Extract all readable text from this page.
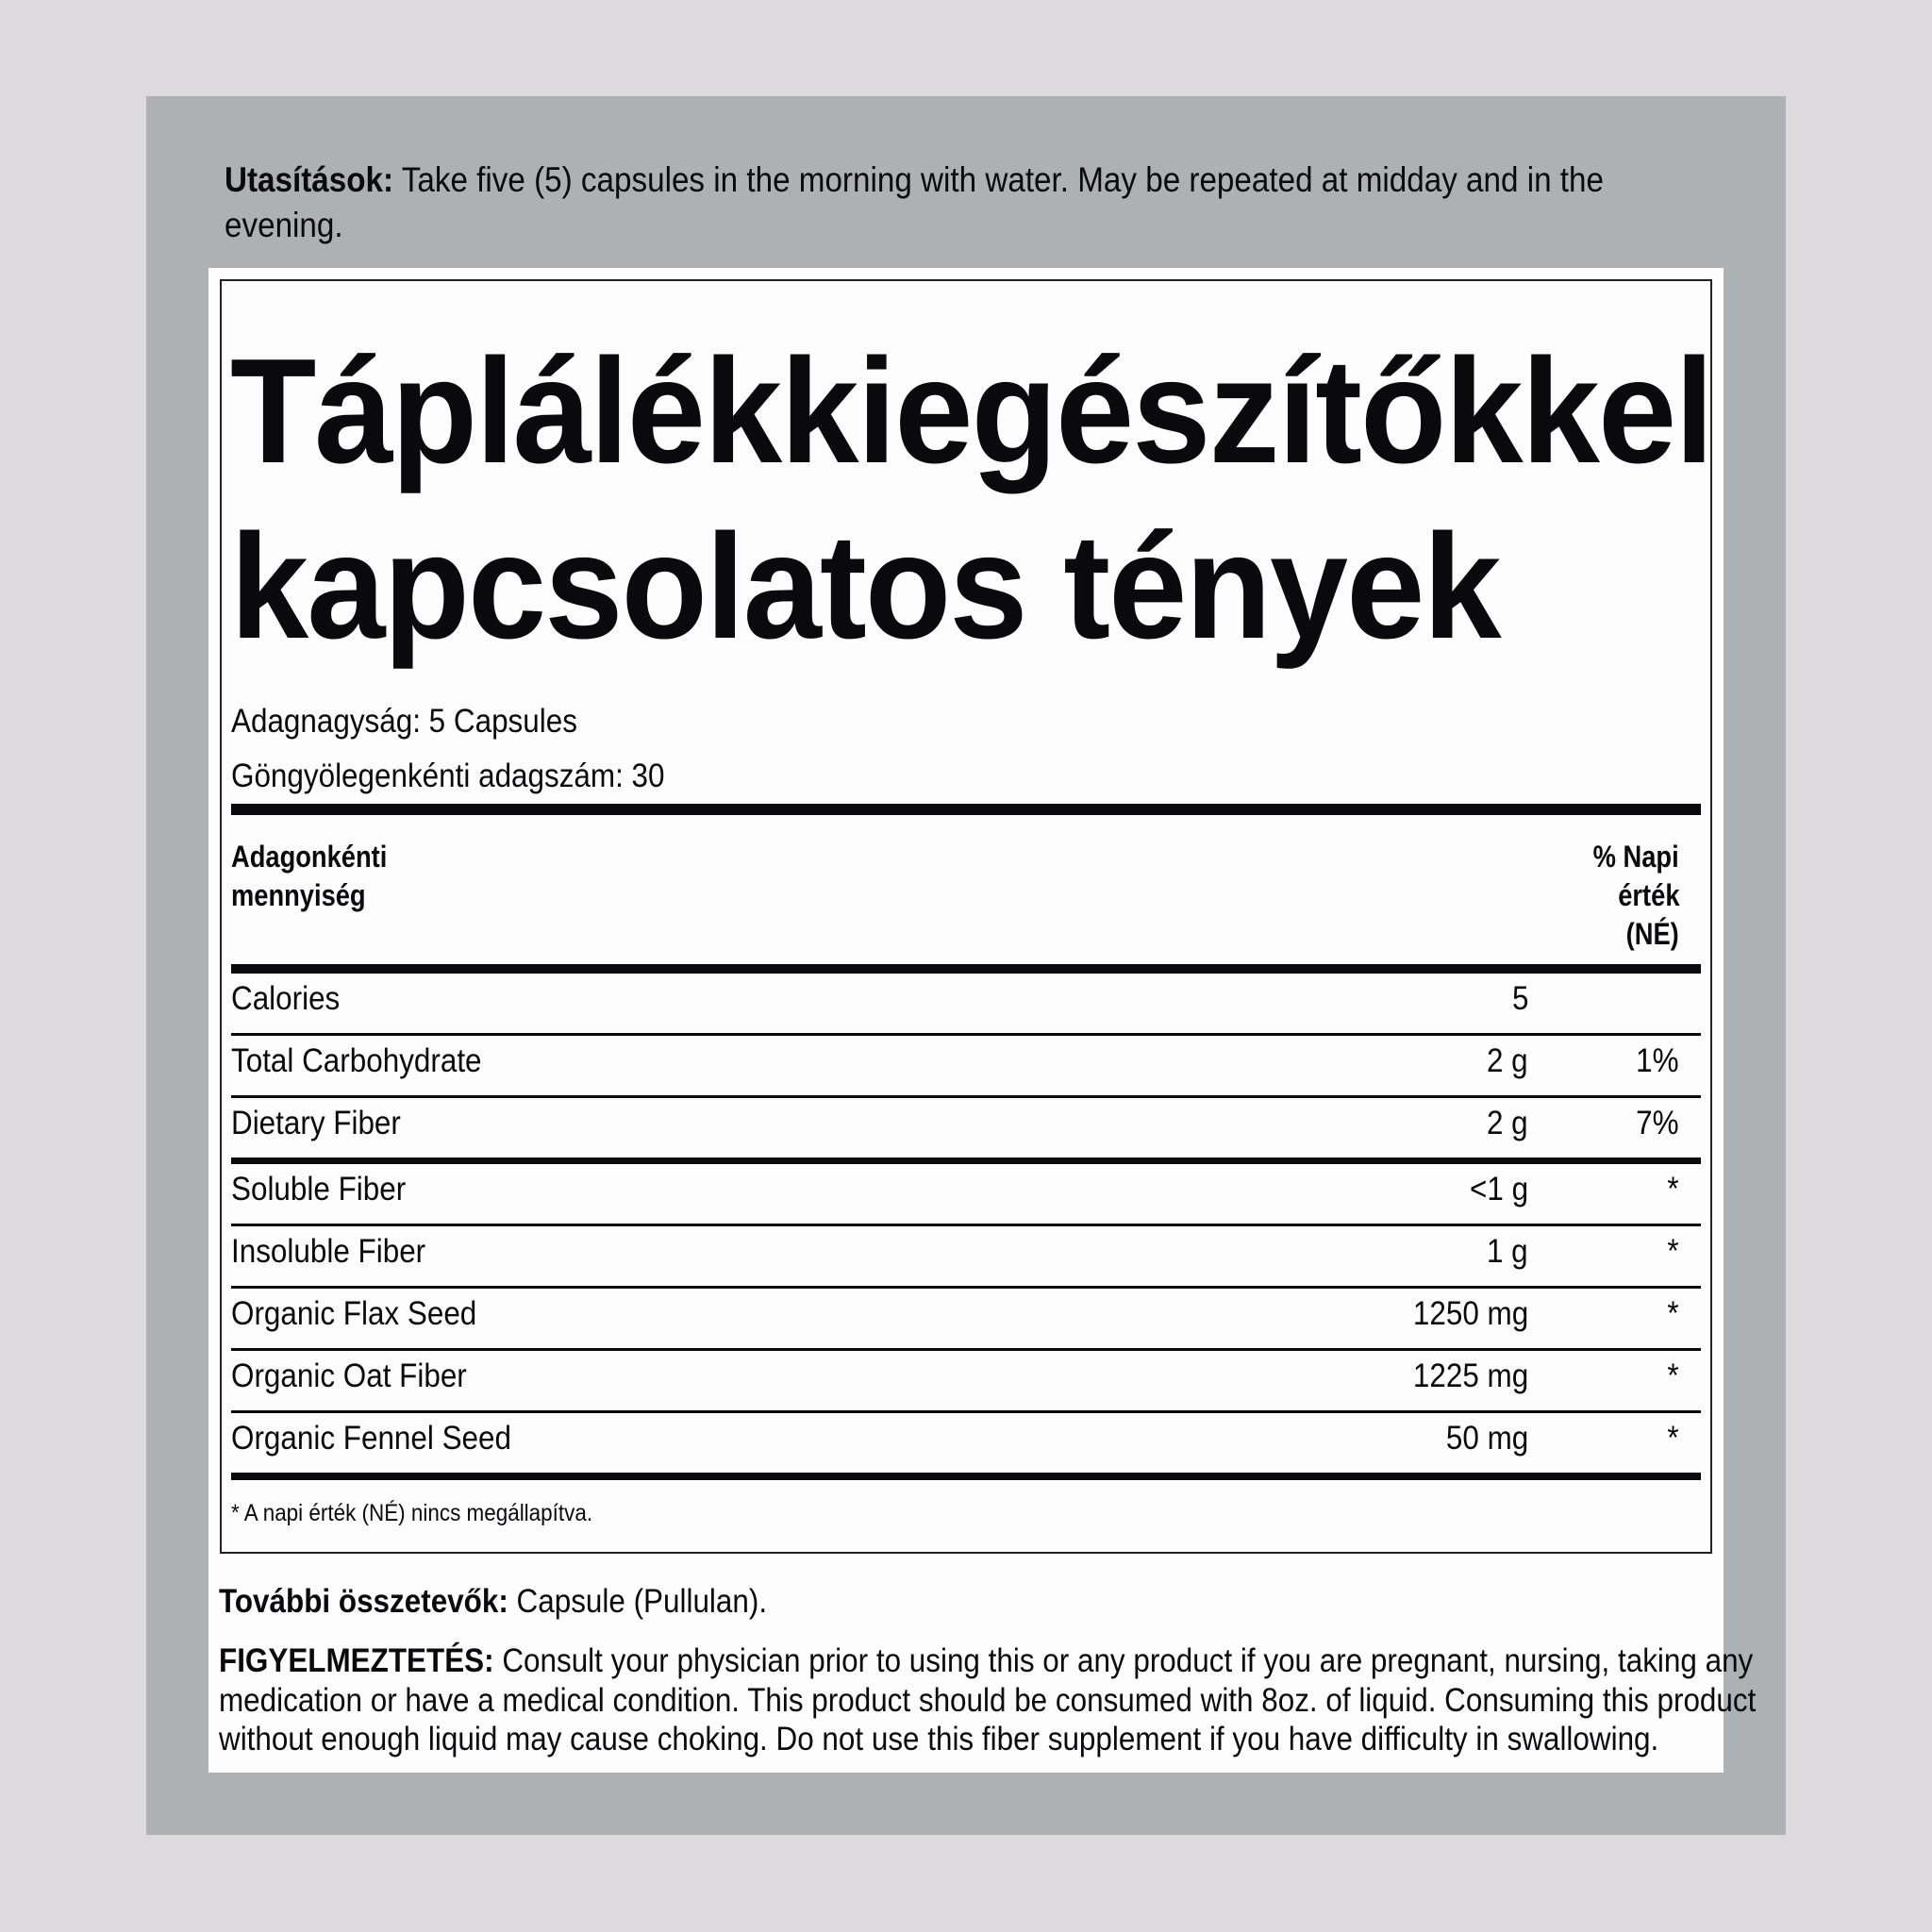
Utasítások: Take five (5) capsules in the morning with water. May be repeated at midday and in the
evening.
Táplálékkiegészítőkkel
kapcsolatos tények
Adagnagyság: 5 Capsules
Göngyölegenkénti adagszám: 30
Adagonkénti
mennyiség
% Napi
érték
(NÉ)
Calories	5
Total Carbohydrate	2 g	1%
Dietary Fiber	2 g	7%
Soluble Fiber	<1 g	*
Insoluble Fiber	1 g	*
Organic Flax Seed	1250 mg	*
Organic Oat Fiber	1225 mg	*
Organic Fennel Seed	50 mg	*
* A napi érték (NÉ) nincs megállapítva.
További összetevők: Capsule (Pullulan).
FIGYELMEZTETÉS: Consult your physician prior to using this or any product if you are pregnant, nursing, taking any
medication or have a medical condition. This product should be consumed with 8oz. of liquid. Consuming this product
without enough liquid may cause choking. Do not use this fiber supplement if you have difficulty in swallowing.
